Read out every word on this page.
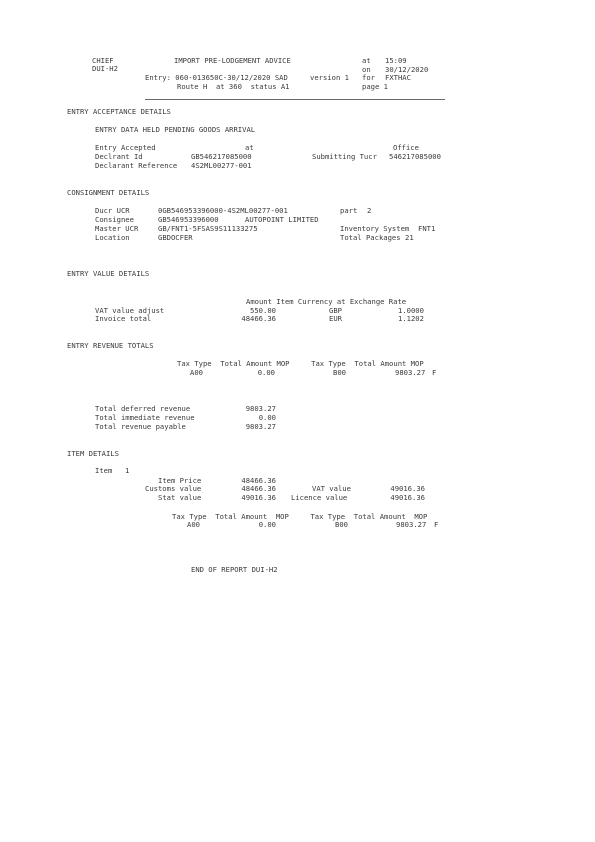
CHIEF
DUI-H2
IMPORT PRE-LODGEMENT ADVICE	at 15:09
on 30/12/2020
Entry: 060-013650C-30/12/2020 SAD	version 1 for FXTHAC
Route H  at 360  status A1	page 1
ENTRY ACCEPTANCE DETAILS
ENTRY DATA HELD PENDING GOODS ARRIVAL
Entry Accepted	at	Office
Declrant Id	GB546217085000	Submitting Tucr 546217085000
Declarant Reference 4S2ML00277-001
CONSIGNMENT DETAILS
Ducr UCR	0GB546953396000-4S2ML00277-001	part 2
Consignee	GB546953396000	AUTOPOINT LIMITED
Master UCR	GB/FNT1-5FSAS9S11133275	Inventory System FNT1
Location	GBDOCFER	Total Packages 21
ENTRY VALUE DETAILS
Amount Item Currency at Exchange Rate
VAT value adjust	550.00	GBP	1.0000
Invoice total	48466.36	EUR	1.1202
ENTRY REVENUE TOTALS
Tax Type  Total Amount MOP     Tax Type  Total Amount MOP
A00	0.00	B00	9803.27 F
Total deferred revenue	9803.27
Total immediate revenue	0.00
Total revenue payable	9803.27
ITEM DETAILS
Item 1
Item Price	48466.36
Customs value	48466.36	VAT value	49016.36
Stat value	49016.36 Licence value	49016.36
Tax Type  Total Amount  MOP     Tax Type  Total Amount  MOP
A00	0.00	B00	9803.27 F
END OF REPORT DUI-H2
